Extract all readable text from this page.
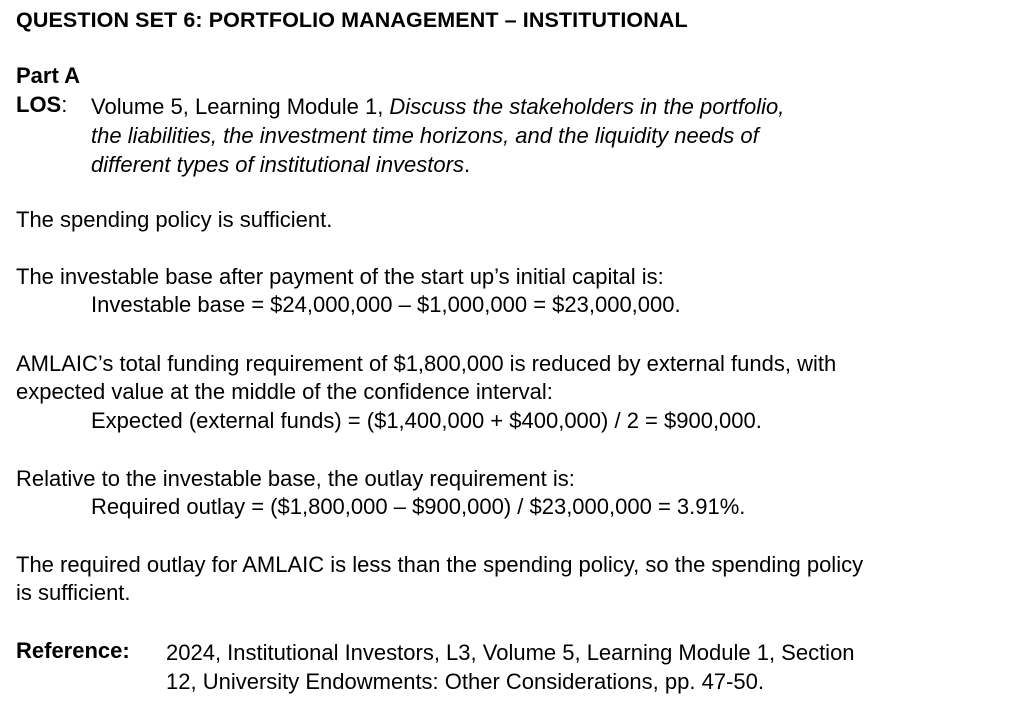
QUESTION SET 6: PORTFOLIO MANAGEMENT – INSTITUTIONAL
Part A
LOS: Volume 5, Learning Module 1, Discuss the stakeholders in the portfolio,
the liabilities, the investment time horizons, and the liquidity needs of
different types of institutional investors.
The spending policy is sufficient.
The investable base after payment of the start up’s initial capital is:
Investable base = $24,000,000 – $1,000,000 = $23,000,000.
AMLAIC’s total funding requirement of $1,800,000 is reduced by external funds, with
expected value at the middle of the confidence interval:
Expected (external funds) = ($1,400,000 + $400,000) / 2 = $900,000.
Relative to the investable base, the outlay requirement is:
Required outlay = ($1,800,000 – $900,000) / $23,000,000 = 3.91%.
The required outlay for AMLAIC is less than the spending policy, so the spending policy
is sufficient.
Reference: 2024, Institutional Investors, L3, Volume 5, Learning Module 1, Section
12, University Endowments: Other Considerations, pp. 47-50.
